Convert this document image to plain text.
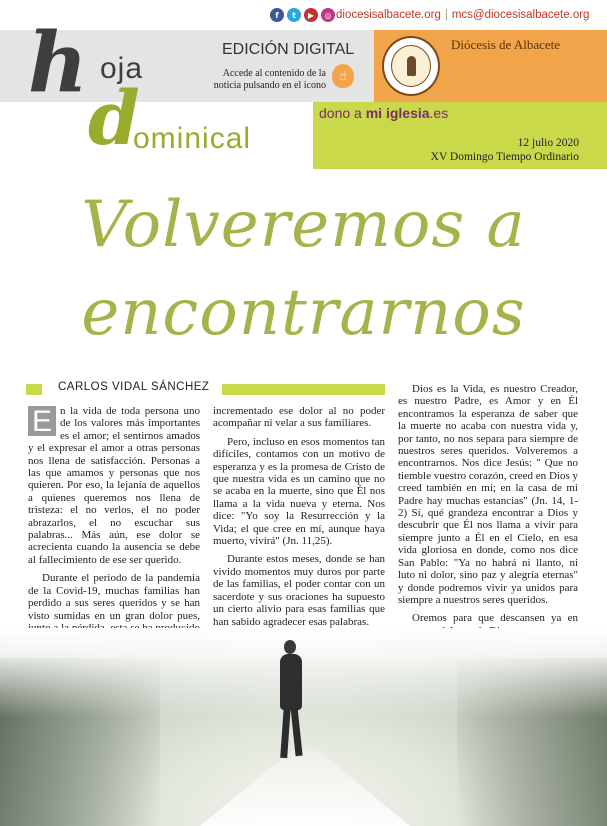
f	t	▶	◎ diocesisalbacete.org | mcs@diocesisalbacete.org
h oja
d
ominical
EDICIÓN DIGITAL
Accede al contenido de la noticia pulsando en el icono
☝
Diócesis de Albacete
dono a mi iglesia.es
12 julio 2020
XV Domingo Tiempo Ordinario
Volveremos a
encontrarnos
CARLOS VIDAL SÁNCHEZ

E n la vida de toda persona uno de los valores más importantes es el amor; el sentirnos amados y el expresar el amor a otras personas nos llena de satisfacción. Personas a las que amamos y personas que nos quieren. Por eso, la lejanía de aquellos a quienes queremos nos llena de tristeza: el no verlos, el no poder abrazarlos, el no escuchar sus palabras... Más aún, ese dolor se acrecienta cuando la ausencia se debe al fallecimiento de ese ser querido.

Durante el periodo de la pandemia de la Covid-19, muchas familias han perdido a sus seres queridos y se han visto sumidas en un gran dolor pues,

incrementado ese dolor al no poder acompañar ni velar a sus familiares.

Pero, incluso en esos momentos tan difíciles, contamos con un motivo de esperanza y es la promesa de Cristo de que nuestra vida es un camino que no se acaba en la muerte, sino que Él nos llama a la vida nueva y eterna. Nos dice: "Yo soy la Resurrección y la Vida; el que cree en mí, aunque haya muerto, vivirá" (Jn. 11,25).

Durante estos meses, donde se han vivido momentos muy duros por parte de las familias, el poder contar con un sacerdote y sus oraciones ha supuesto un cierto alivio para esas familias que han sabido agradecer esas palabras.

Dios es la Vida, es nuestro Creador, es nuestro Padre, es Amor y en Él encontramos la esperanza de saber que la muerte no acaba con nuestra vida y, por tanto, no nos separa para siempre de nuestros seres queridos. Volveremos a encontrarnos. Nos dice Jesús: " Que no tiemble vuestro corazón, creed en Dios y creed también en mí; en la casa de mi Padre hay muchas estancias" (Jn. 14, 1-2) Sí, qué grandeza encontrar a Dios y descubrir que Él nos llama a vivir para siempre junto a Él en el Cielo, en esa vida gloriosa en donde, como nos dice San Pablo: "Ya no habrá ni llanto, ni luto ni dolor, sino paz y alegría eternas" y donde podremos vivir ya unidos para siempre a nuestros seres queridos.

Oremos para que descansen ya en
